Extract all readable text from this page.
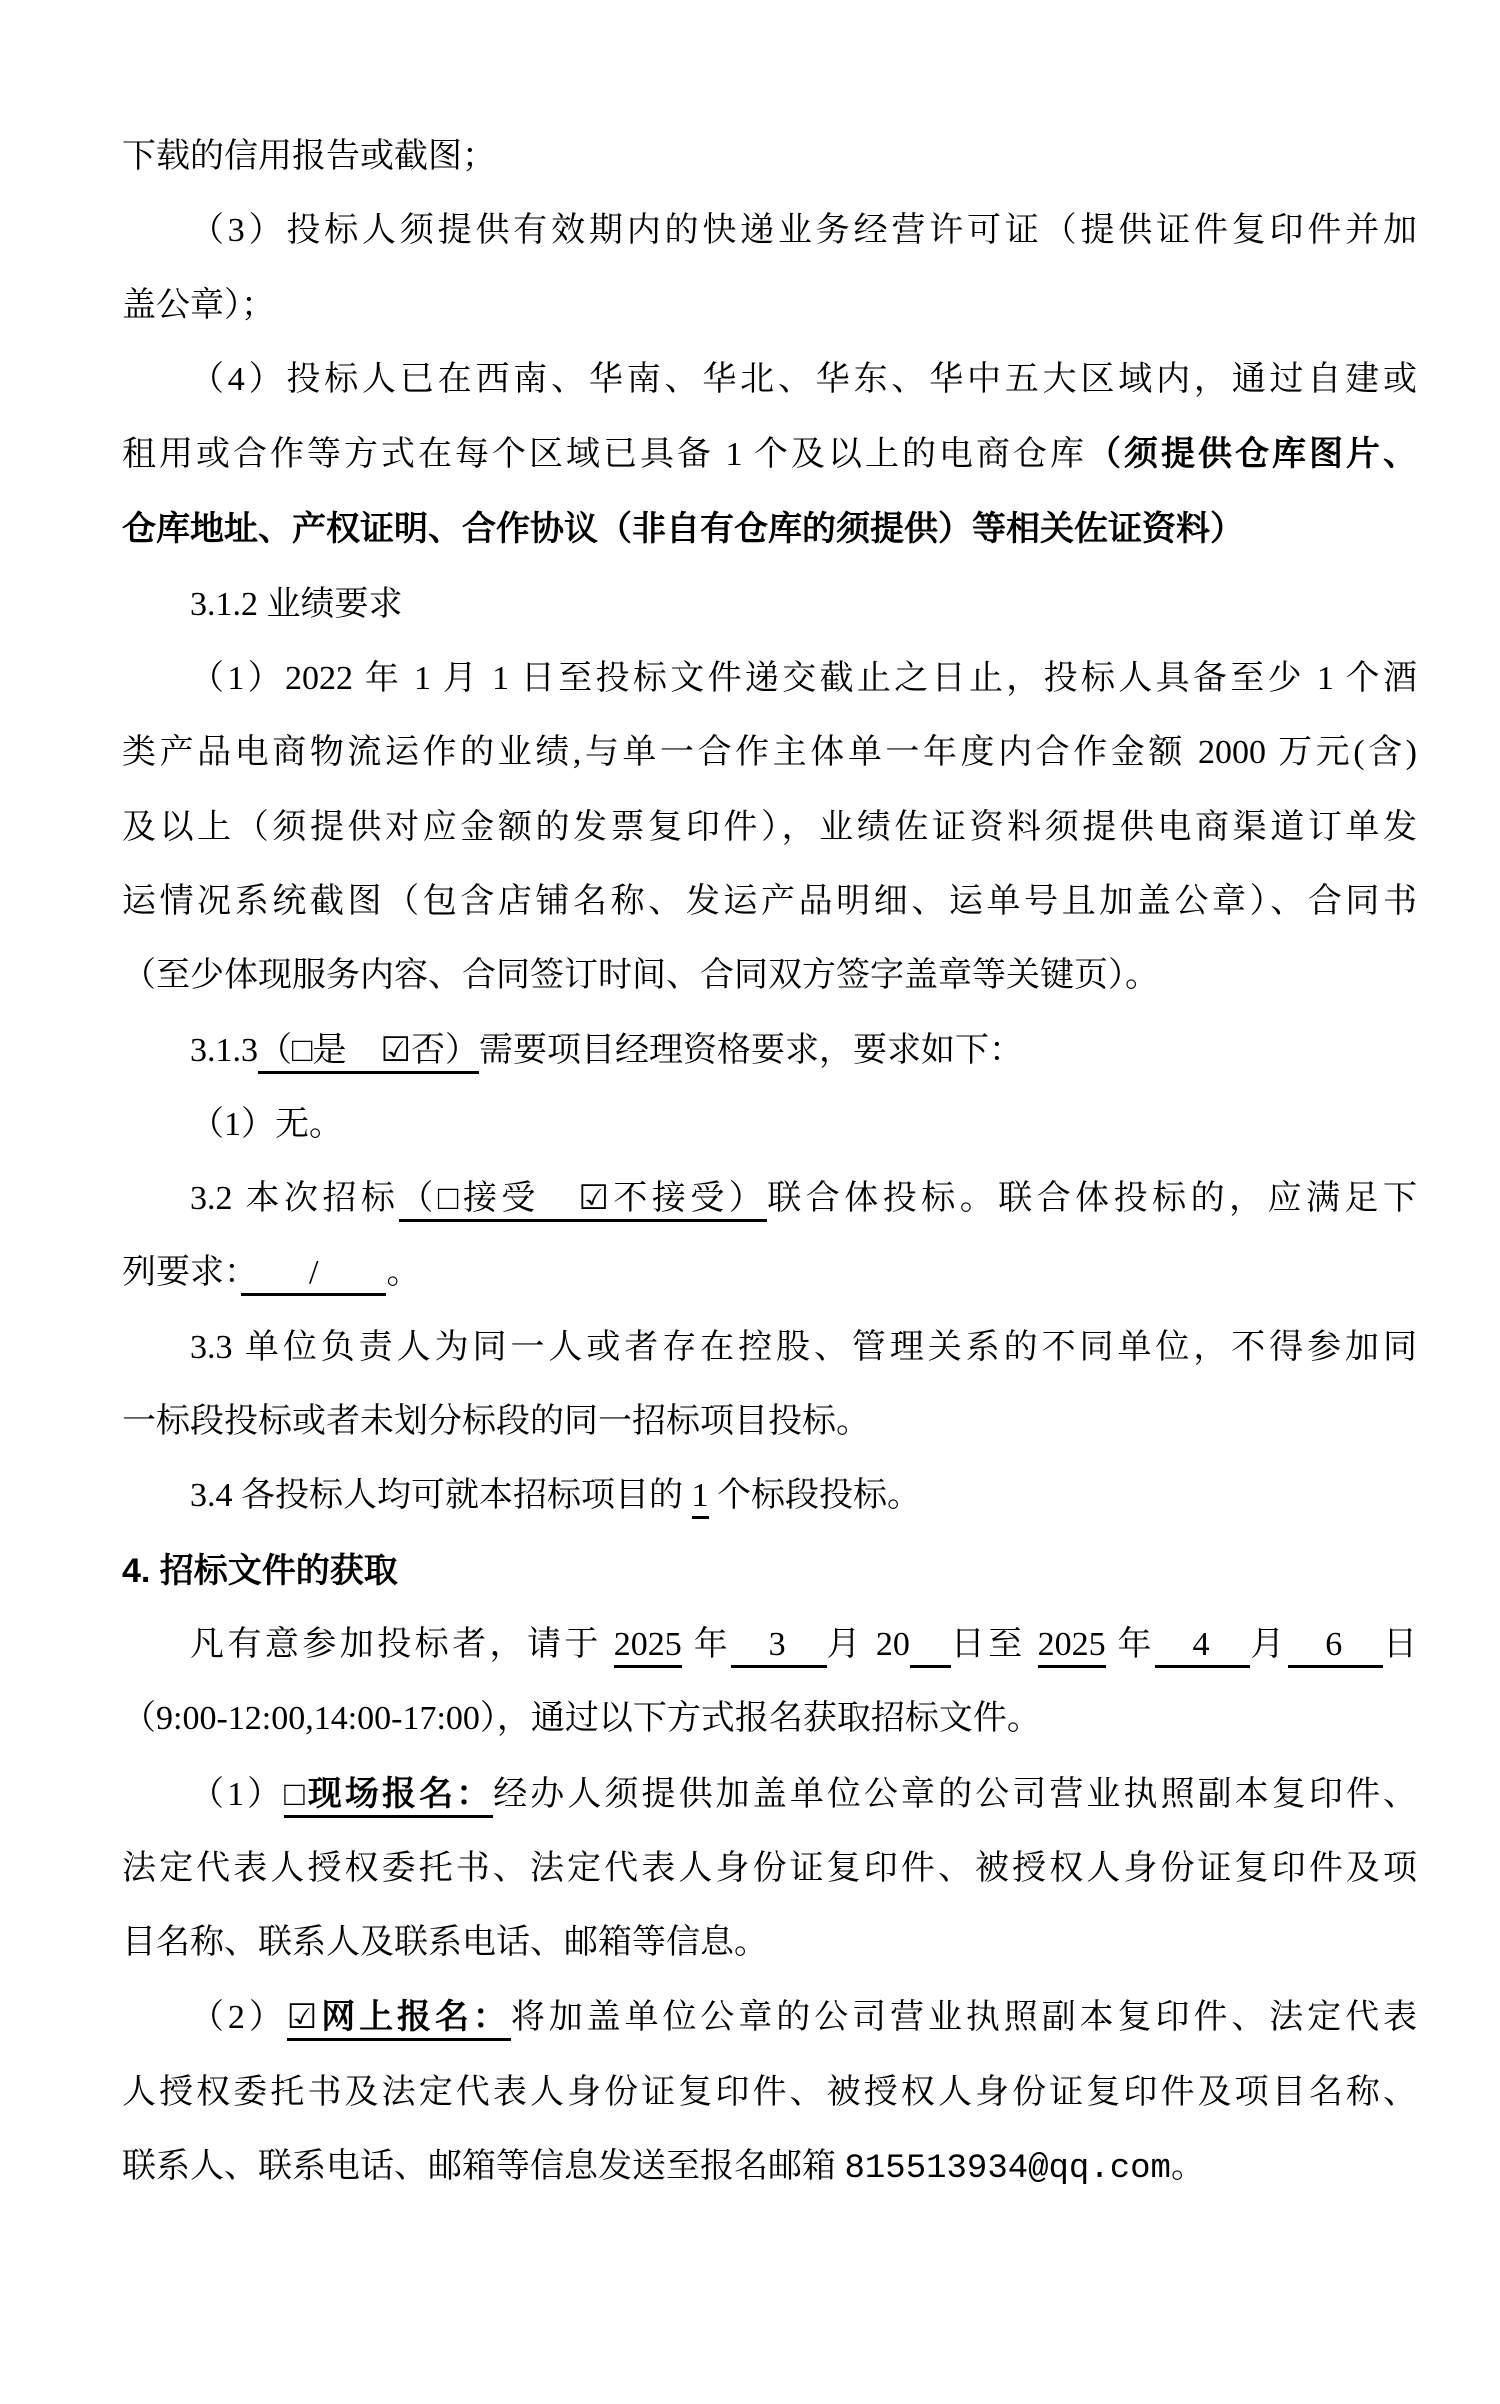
下载的信用报告或截图；
（3）投标人须提供有效期内的快递业务经营许可证（提供证件复印件并加
盖公章）；
（4）投标人已在西南、华南、华北、华东、华中五大区域内，通过自建或
租用或合作等方式在每个区域已具备 1 个及以上的电商仓库（须提供仓库图片、
仓库地址、产权证明、合作协议（非自有仓库的须提供）等相关佐证资料）
3.1.2 业绩要求
（1）2022 年 1 月 1 日至投标文件递交截止之日止，投标人具备至少 1 个酒
类产品电商物流运作的业绩,与单一合作主体单一年度内合作金额 2000 万元(含)
及以上（须提供对应金额的发票复印件），业绩佐证资料须提供电商渠道订单发
运情况系统截图（包含店铺名称、发运产品明细、运单号且加盖公章）、合同书
（至少体现服务内容、合同签订时间、合同双方签字盖章等关键页）。
3.1.3（□是　☑否）需要项目经理资格要求，要求如下：
（1）无。
3.2 本次招标（□接受　☑不接受）联合体投标。联合体投标的，应满足下
列要求：　　/　　。
3.3 单位负责人为同一人或者存在控股、管理关系的不同单位，不得参加同
一标段投标或者未划分标段的同一招标项目投标。
3.4 各投标人均可就本招标项目的 1 个标段投标。
4. 招标文件的获取
凡有意参加投标者，请于 2025 年　3　月 20　 日至 2025 年　4　月　6　日
（9:00-12:00,14:00-17:00），通过以下方式报名获取招标文件。
（1）□现场报名：经办人须提供加盖单位公章的公司营业执照副本复印件、
法定代表人授权委托书、法定代表人身份证复印件、被授权人身份证复印件及项
目名称、联系人及联系电话、邮箱等信息。
（2）☑网上报名：将加盖单位公章的公司营业执照副本复印件、法定代表
人授权委托书及法定代表人身份证复印件、被授权人身份证复印件及项目名称、
联系人、联系电话、邮箱等信息发送至报名邮箱 815513934@qq.com。
